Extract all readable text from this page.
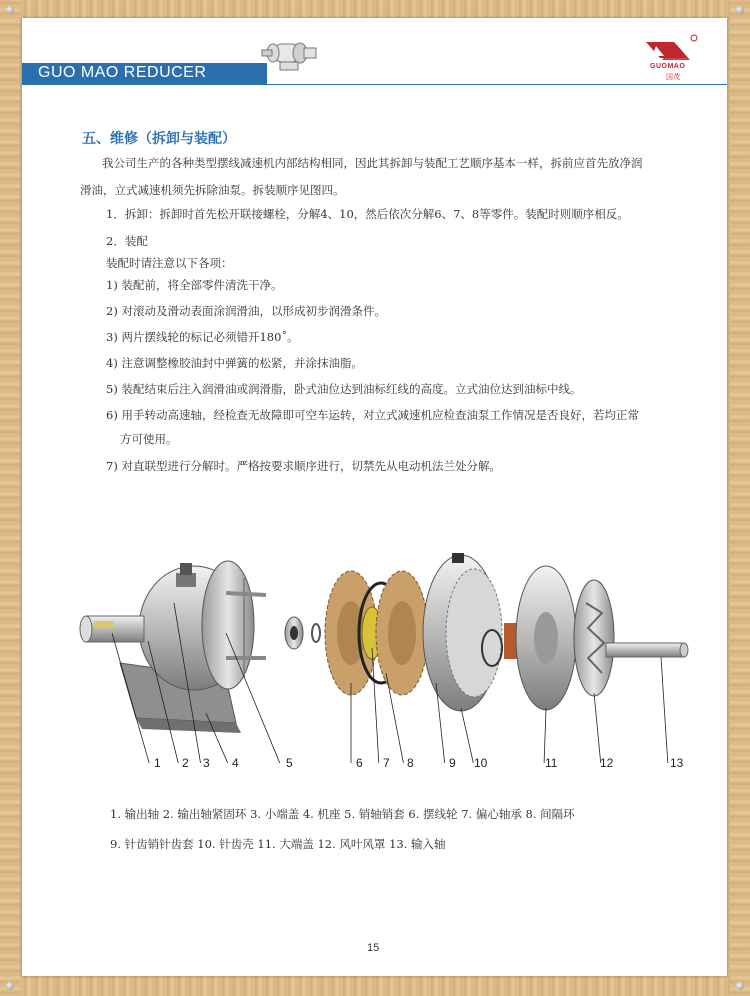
GUO MAO REDUCER	GUOMAO
国茂
五、维修（拆卸与装配）
我公司生产的各种类型摆线减速机内部结构相同，因此其拆卸与装配工艺顺序基本一样，拆前应首先放净润
滑油，立式减速机须先拆除油泵。拆装顺序见图四。
1．拆卸：拆卸时首先松开联接螺栓，分解4、10，然后依次分解6、7、8等零件。装配时则顺序相反。
2．装配
装配时请注意以下各项：
1) 装配前，将全部零件清洗干净。
2) 对滚动及滑动表面涂润滑油，以形成初步润滑条件。
3) 两片摆线轮的标记必须错开180˚。
4) 注意调整橡胶油封中弹簧的松紧，并涂抹油脂。
5) 装配结束后注入润滑油或润滑脂，卧式油位达到油标红线的高度。立式油位达到油标中线。
6) 用手转动高速轴，经检查无故障即可空车运转，对立式减速机应检查油泵工作情况是否良好，若均正常
方可使用。
7) 对直联型进行分解时。严格按要求顺序进行，切禁先从电动机法兰处分解。
1 2 3 4	5	6 7 8	9 10	11	12	13
1. 输出轴 2. 输出轴紧固环 3. 小端盖 4. 机座 5. 销轴销套 6. 摆线轮 7. 偏心轴承 8. 间隔环
9. 针齿销针齿套 10. 针齿壳 11. 大端盖 12. 风叶风罩 13. 输入轴
15
